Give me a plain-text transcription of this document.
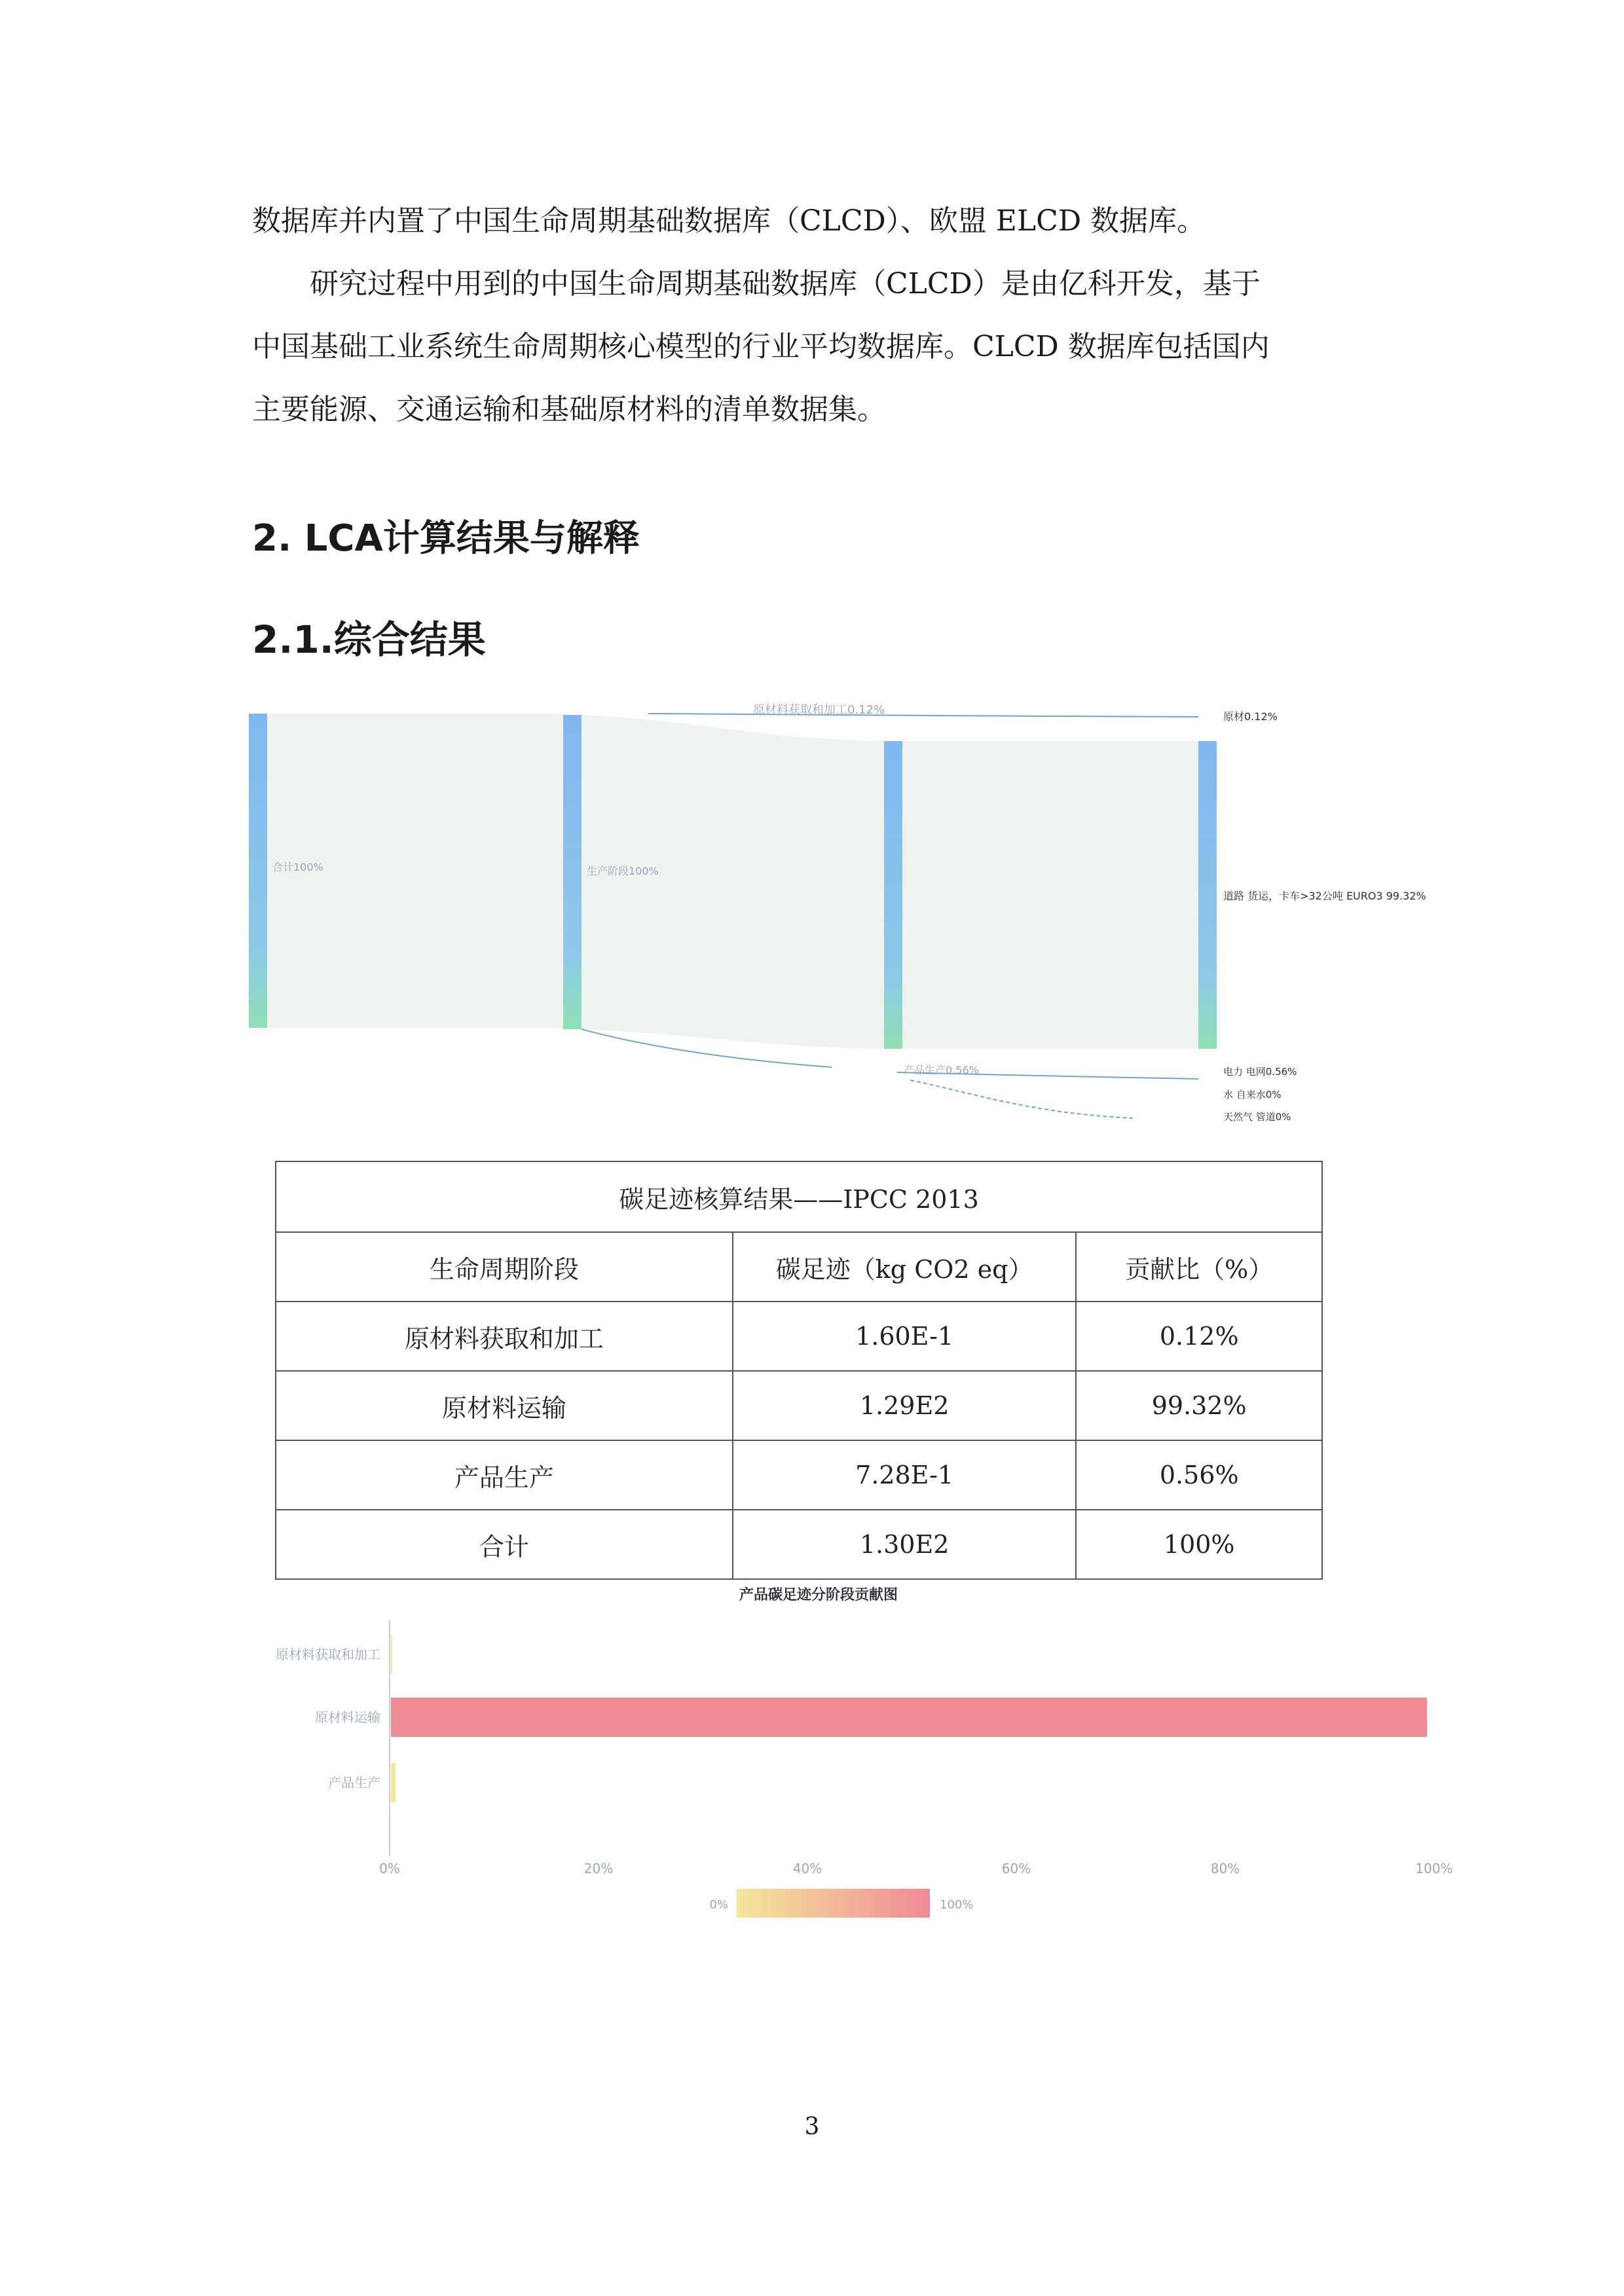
数据库并内置了中国生命周期基础数据库（CLCD）、欧盟 ELCD 数据库。

研究过程中用到的中国生命周期基础数据库（CLCD）是由亿科开发，基于
中国基础工业系统生命周期核心模型的行业平均数据库。CLCD 数据库包括国内
主要能源、交通运输和基础原材料的清单数据集。

2. LCA计算结果与解释
2.1.综合结果
合计100%	生产阶段100%
原材料获取和加工0.12%
产品生产0.56%
原材0.12%
道路 货运，卡车>32公吨 EURO3 99.32%
电力 电网0.56%
水 自来水0%
天然气 管道0%
碳足迹核算结果——IPCC 2013		
生命周期阶段	碳足迹（kg CO2 eq）	贡献比（%）
原材料获取和加工	1.60E-1	0.12%
原材料运输	1.29E2	99.32%
产品生产	7.28E-1	0.56%
合计	1.30E2	100%
产品碳足迹分阶段贡献图
原材料获取和加工
原材料运输
产品生产
0%	20%	40%	60%	80%	100%
0%	100%
3
